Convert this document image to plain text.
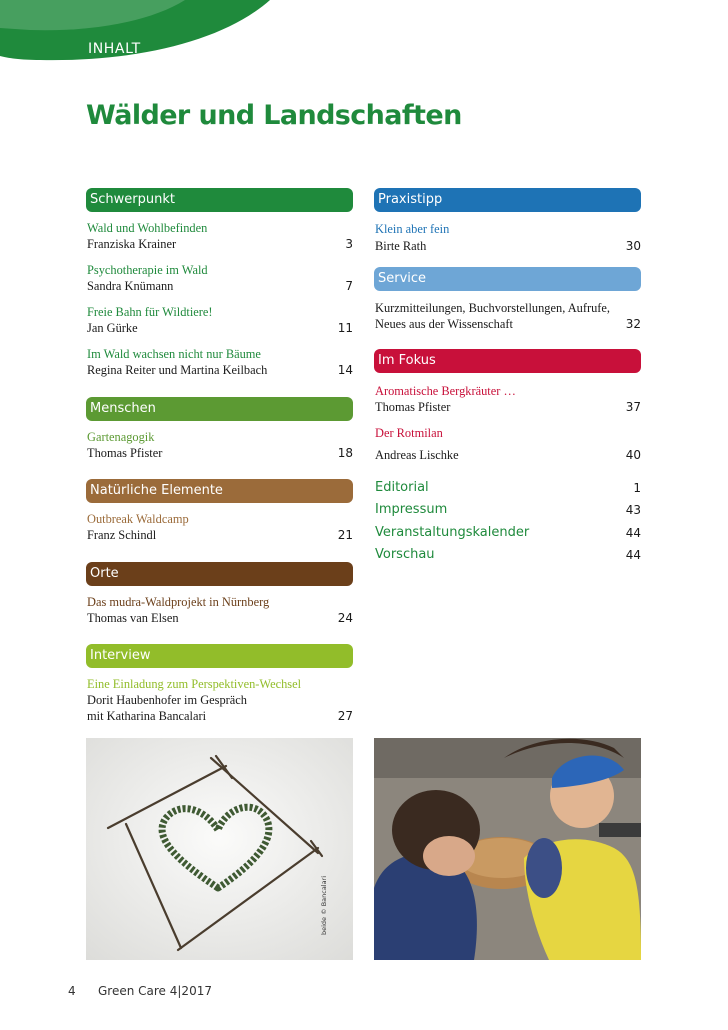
INHALT
Wälder und Landschaften
Schwerpunkt
Wald und Wohlbefinden
Franziska Krainer	3
Psychotherapie im Wald
Sandra Knümann	7
Freie Bahn für Wildtiere!
Jan Gürke	11
Im Wald wachsen nicht nur Bäume
Regina Reiter und Martina Keilbach	14
Menschen
Gartenagogik
Thomas Pfister	18
Natürliche Elemente
Outbreak Waldcamp
Franz Schindl	21
Orte
Das mudra-Waldprojekt in Nürnberg
Thomas van Elsen	24
Interview
Eine Einladung zum Perspektiven-Wechsel
Dorit Haubenhofer im Gespräch
mit Katharina Bancalari	27
Praxistipp
Klein aber fein
Birte Rath	30
Service
Kurzmitteilungen, Buchvorstellungen, Aufrufe,
Neues aus der Wissenschaft	32
Im Fokus
Aromatische Bergkräuter …
Thomas Pfister	37
Der Rotmilan
Andreas Lischke	40
Editorial	1
Impressum	43
Veranstaltungskalender	44
Vorschau	44
beide © Bancalari
4 Green Care 4|2017
